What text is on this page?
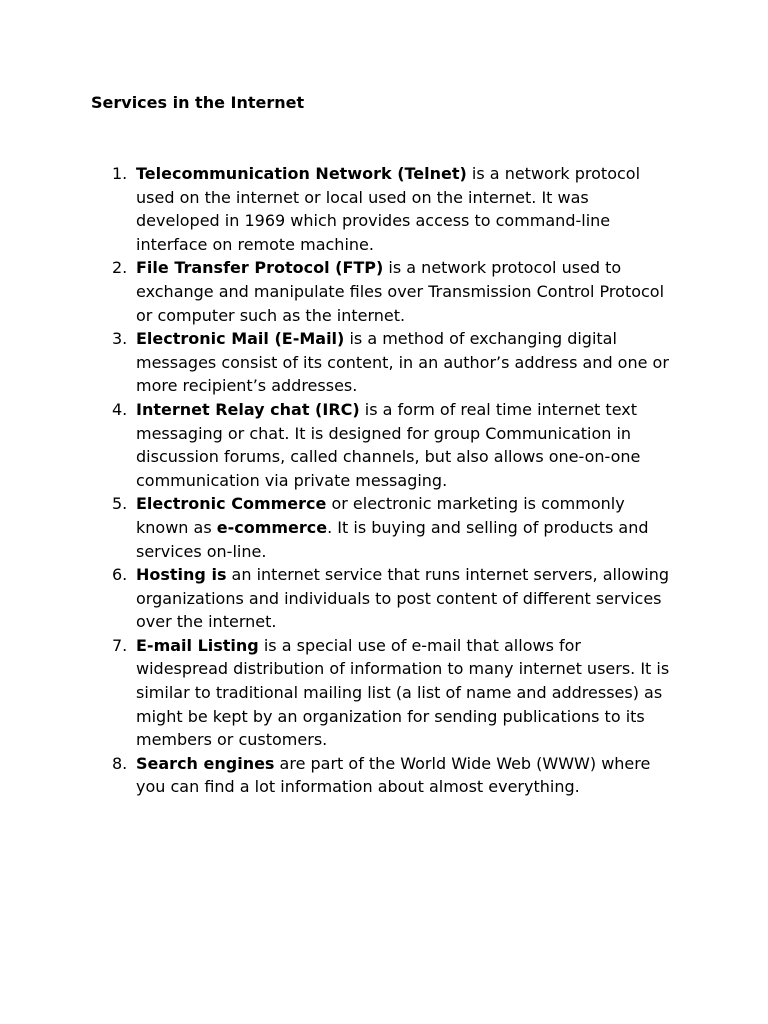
Services in the Internet
1. Telecommunication Network (Telnet) is a network protocol used on the internet or local used on the internet. It was developed in 1969 which provides access to command-line interface on remote machine.
2. File Transfer Protocol (FTP) is a network protocol used to exchange and manipulate files over Transmission Control Protocol or computer such as the internet.
3. Electronic Mail (E-Mail) is a method of exchanging digital messages consist of its content, in an author’s address and one or more recipient’s addresses.
4. Internet Relay chat (IRC) is a form of real time internet text messaging or chat. It is designed for group Communication in discussion forums, called channels, but also allows one-on-one communication via private messaging.
5. Electronic Commerce or electronic marketing is commonly known as e-commerce. It is buying and selling of products and services on-line.
6. Hosting is an internet service that runs internet servers, allowing organizations and individuals to post content of different services over the internet.
7. E-mail Listing is a special use of e-mail that allows for widespread distribution of information to many internet users. It is similar to traditional mailing list (a list of name and addresses) as might be kept by an organization for sending publications to its members or customers.
8. Search engines are part of the World Wide Web (WWW) where you can find a lot information about almost everything.
